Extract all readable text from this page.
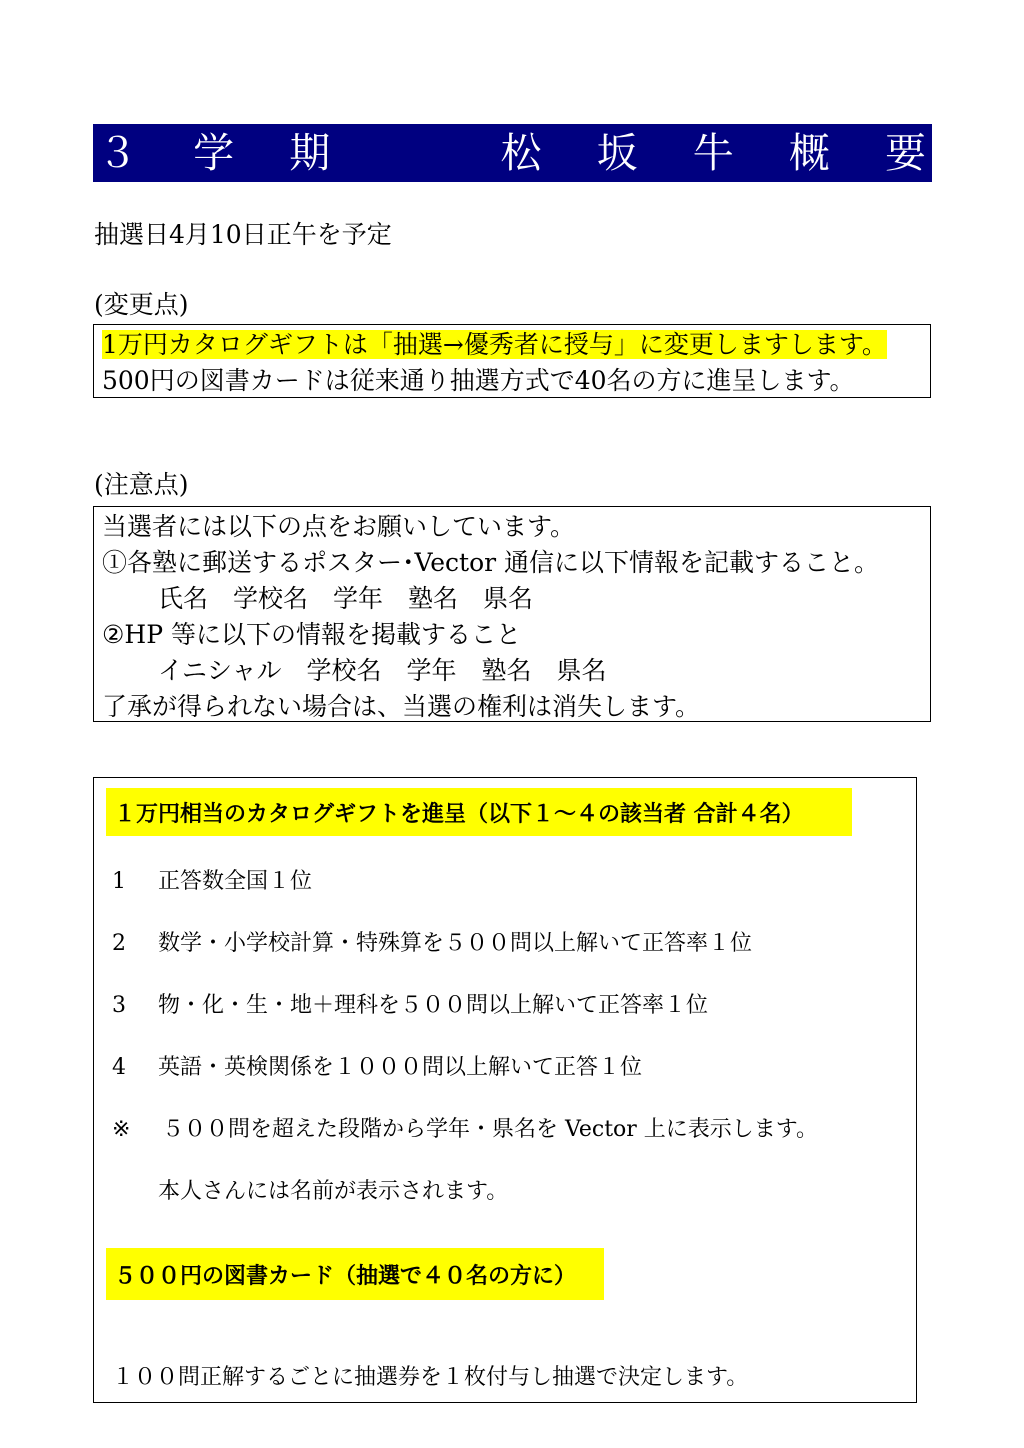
３ 学 期	松 坂 牛 概 要
抽選日4月10日正午を予定
(変更点)
1万円カタログギフトは「抽選→優秀者に授与」に変更しますします。
500円の図書カードは従来通り抽選方式で40名の方に進呈します。
(注意点)
当選者には以下の点をお願いしています。
①各塾に郵送するポスター･Vector 通信に以下情報を記載すること。
氏名　学校名　学年　塾名　県名
②HP 等に以下の情報を掲載すること
イニシャル　学校名　学年　塾名　県名
了承が得られない場合は、当選の権利は消失します。
１万円相当のカタログギフトを進呈（以下１～４の該当者 合計４名）
1 正答数全国１位
2 数学・小学校計算・特殊算を５００問以上解いて正答率１位
3 物・化・生・地＋理科を５００問以上解いて正答率１位
4 英語・英検関係を１０００問以上解いて正答１位
※ ５００問を超えた段階から学年・県名を Vector 上に表示します。
本人さんには名前が表示されます。
５００円の図書カード（抽選で４０名の方に）
１００問正解するごとに抽選券を１枚付与し抽選で決定します。
